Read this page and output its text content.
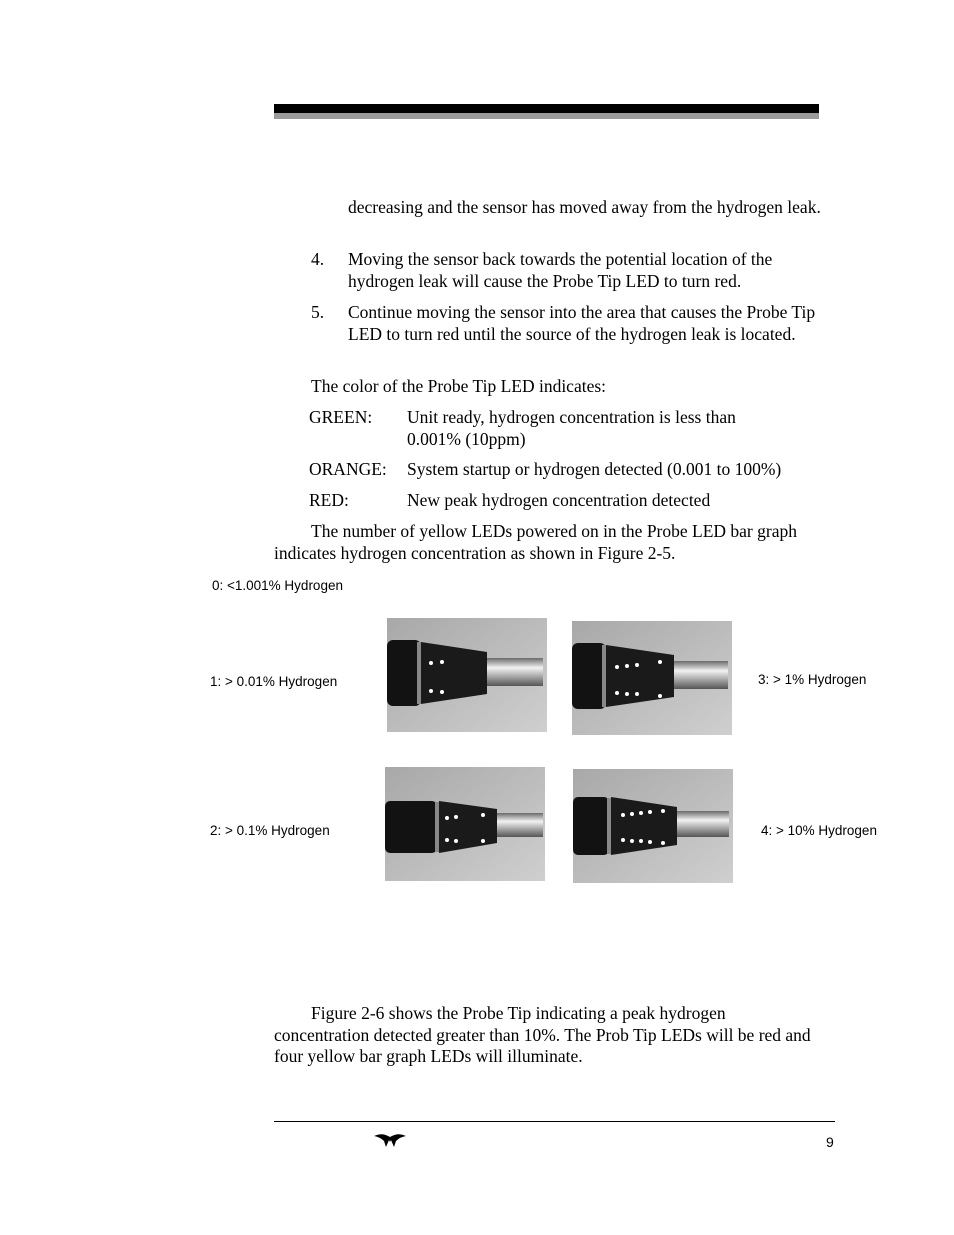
decreasing and the sensor has moved away from the hydrogen leak.
4. Moving the sensor back towards the potential location of the hydrogen leak will cause the Probe Tip LED to turn red.
5. Continue moving the sensor into the area that causes the Probe Tip LED to turn red until the source of the hydrogen leak is located.
The color of the Probe Tip LED indicates:
GREEN: Unit ready, hydrogen concentration is less than 0.001% (10ppm)
ORANGE: System startup or hydrogen detected (0.001 to 100%)
RED:	New peak hydrogen concentration detected
The number of yellow LEDs powered on in the Probe LED bar graph indicates hydrogen concentration as shown in Figure 2-5.
0: <1.001% Hydrogen
1: > 0.01% Hydrogen
2: > 0.1% Hydrogen
3: > 1% Hydrogen
4: > 10% Hydrogen
Figure 2-6 shows the Probe Tip indicating a peak hydrogen concentration detected greater than 10%. The Prob Tip LEDs will be red and four yellow bar graph LEDs will illuminate.
9
